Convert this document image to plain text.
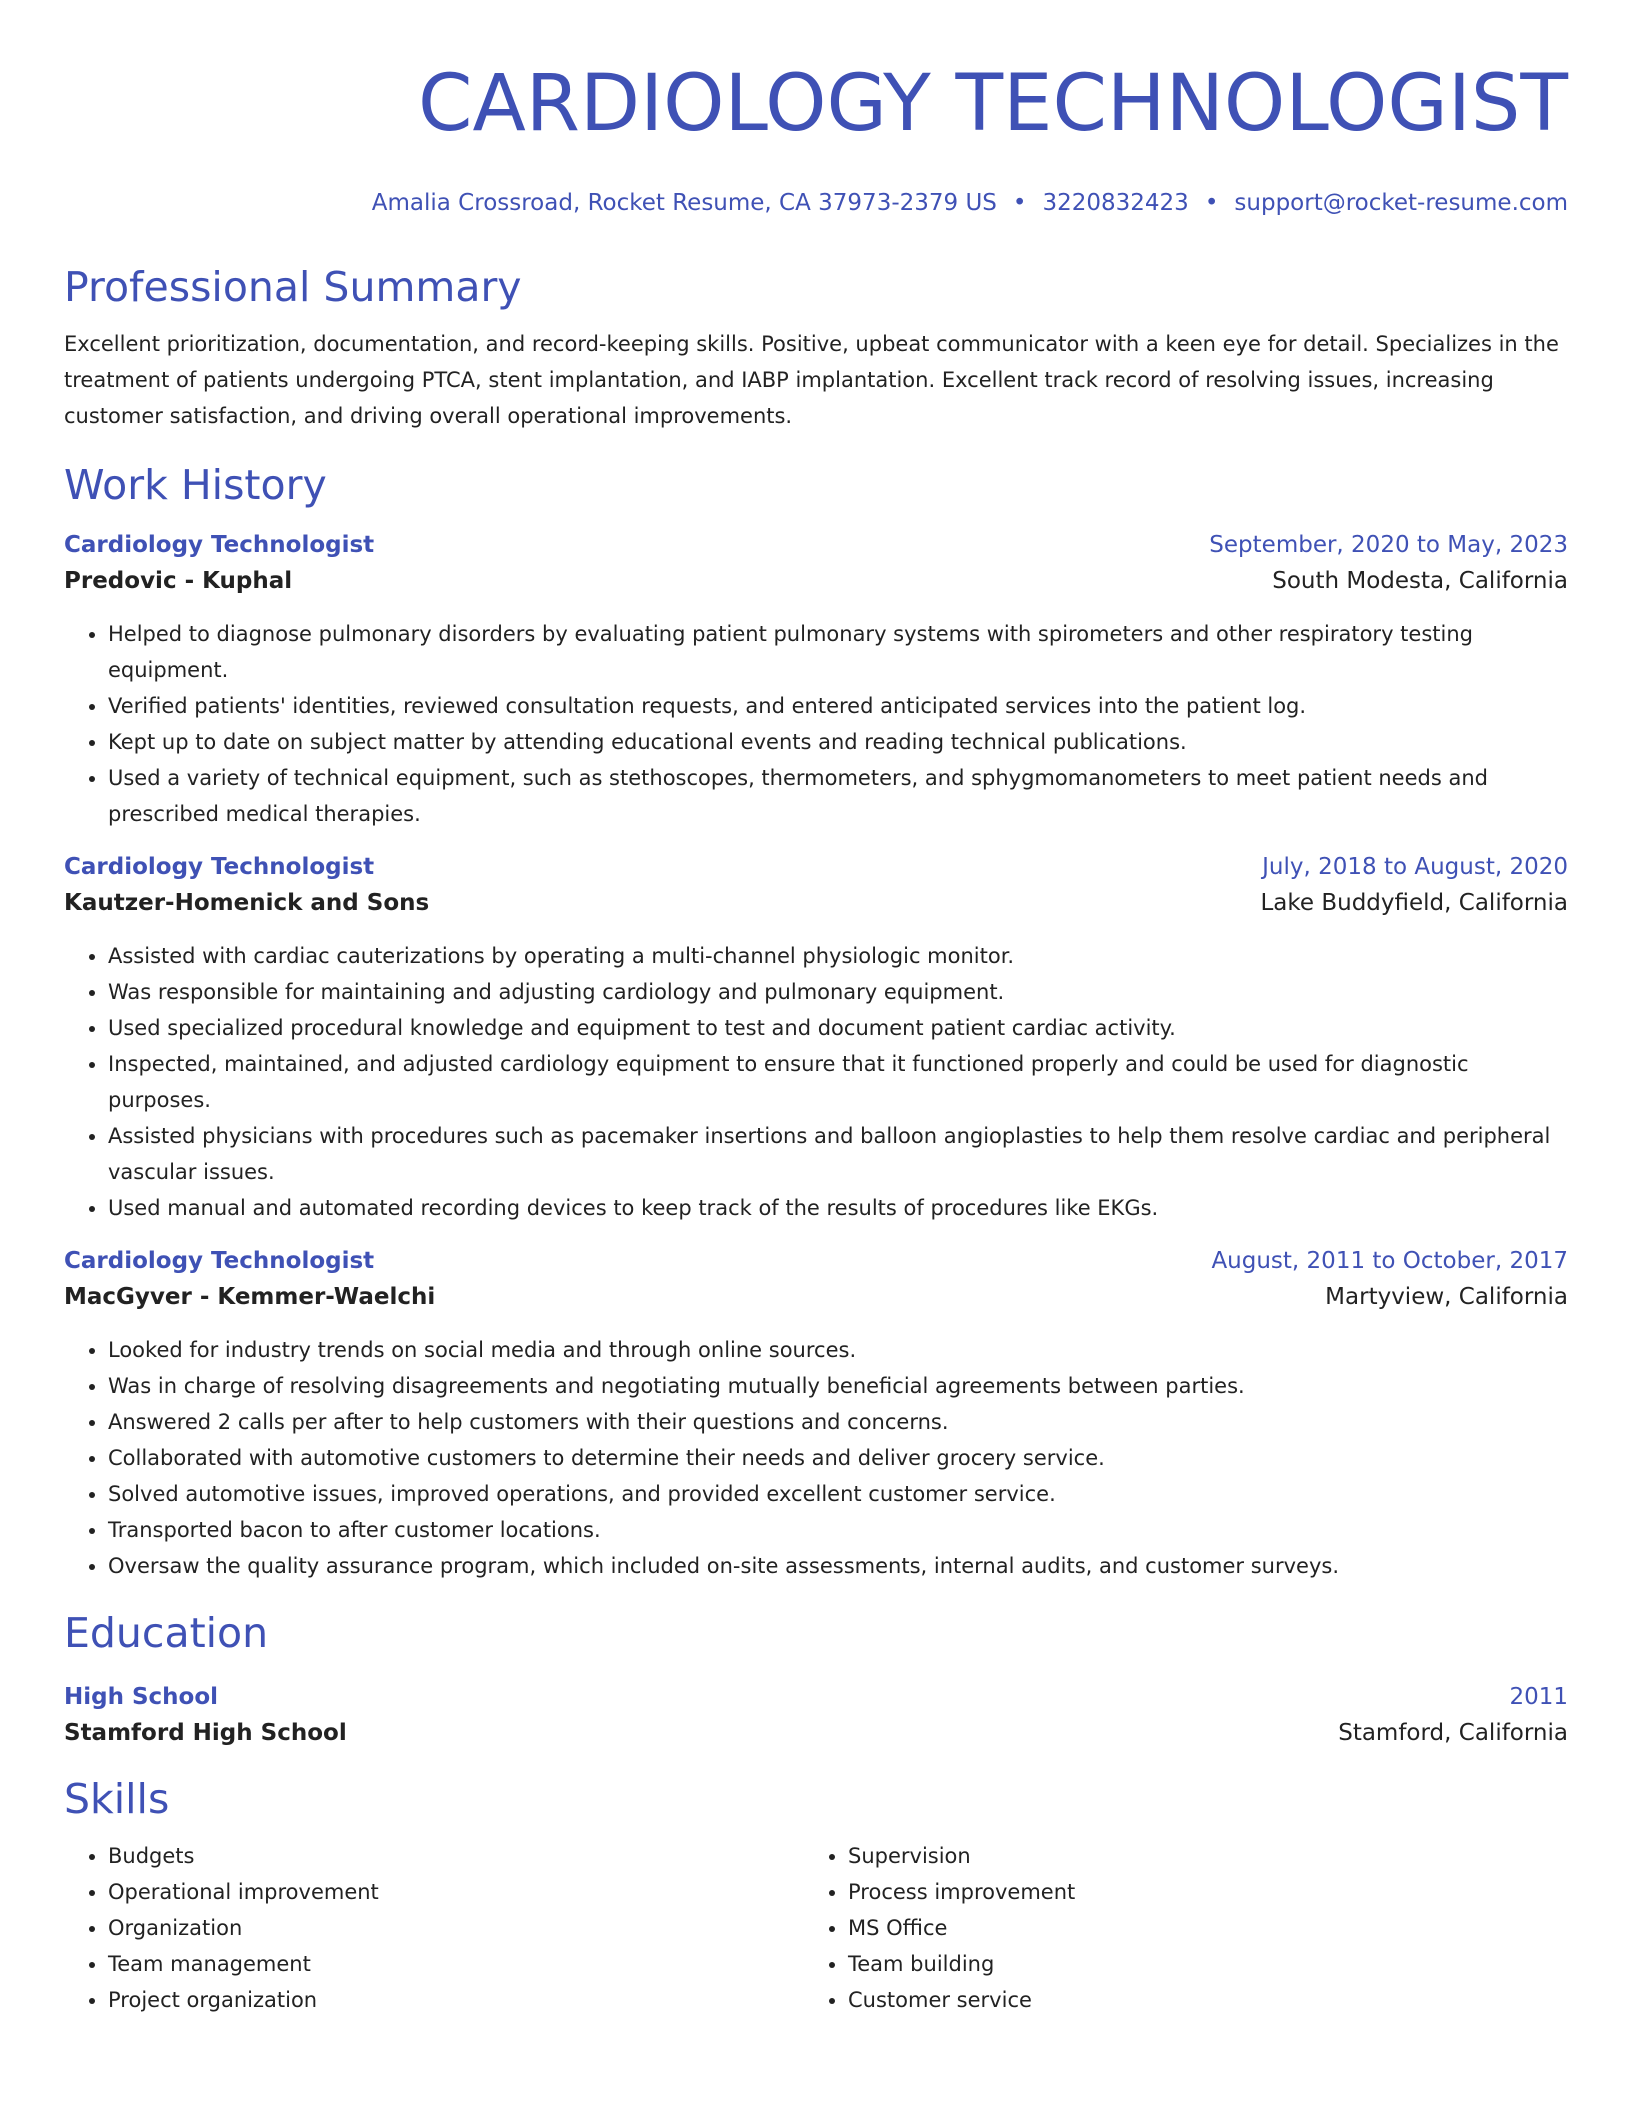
CARDIOLOGY TECHNOLOGIST
Amalia Crossroad, Rocket Resume, CA 37973-2379 US • 3220832423 • support@rocket-resume.com
Professional Summary
Excellent prioritization, documentation, and record-keeping skills. Positive, upbeat communicator with a keen eye for detail. Specializes in the treatment of patients undergoing PTCA, stent implantation, and IABP implantation. Excellent track record of resolving issues, increasing customer satisfaction, and driving overall operational improvements.
Work History
Cardiology Technologist	September, 2020 to May, 2023
Predovic - Kuphal	South Modesta, California
• Helped to diagnose pulmonary disorders by evaluating patient pulmonary systems with spirometers and other respiratory testing equipment.
• Verified patients' identities, reviewed consultation requests, and entered anticipated services into the patient log.
• Kept up to date on subject matter by attending educational events and reading technical publications.
• Used a variety of technical equipment, such as stethoscopes, thermometers, and sphygmomanometers to meet patient needs and prescribed medical therapies.
Cardiology Technologist	July, 2018 to August, 2020
Kautzer-Homenick and Sons	Lake Buddyfield, California
• Assisted with cardiac cauterizations by operating a multi-channel physiologic monitor.
• Was responsible for maintaining and adjusting cardiology and pulmonary equipment.
• Used specialized procedural knowledge and equipment to test and document patient cardiac activity.
• Inspected, maintained, and adjusted cardiology equipment to ensure that it functioned properly and could be used for diagnostic purposes.
• Assisted physicians with procedures such as pacemaker insertions and balloon angioplasties to help them resolve cardiac and peripheral vascular issues.
• Used manual and automated recording devices to keep track of the results of procedures like EKGs.
Cardiology Technologist	August, 2011 to October, 2017
MacGyver - Kemmer-Waelchi	Martyview, California
• Looked for industry trends on social media and through online sources.
• Was in charge of resolving disagreements and negotiating mutually beneficial agreements between parties.
• Answered 2 calls per after to help customers with their questions and concerns.
• Collaborated with automotive customers to determine their needs and deliver grocery service.
• Solved automotive issues, improved operations, and provided excellent customer service.
• Transported bacon to after customer locations.
• Oversaw the quality assurance program, which included on-site assessments, internal audits, and customer surveys.
Education
High School	2011
Stamford High School	Stamford, California
Skills
• Budgets
• Operational improvement
• Organization
• Team management
• Project organization
• Supervision
• Process improvement
• MS Office
• Team building
• Customer service
